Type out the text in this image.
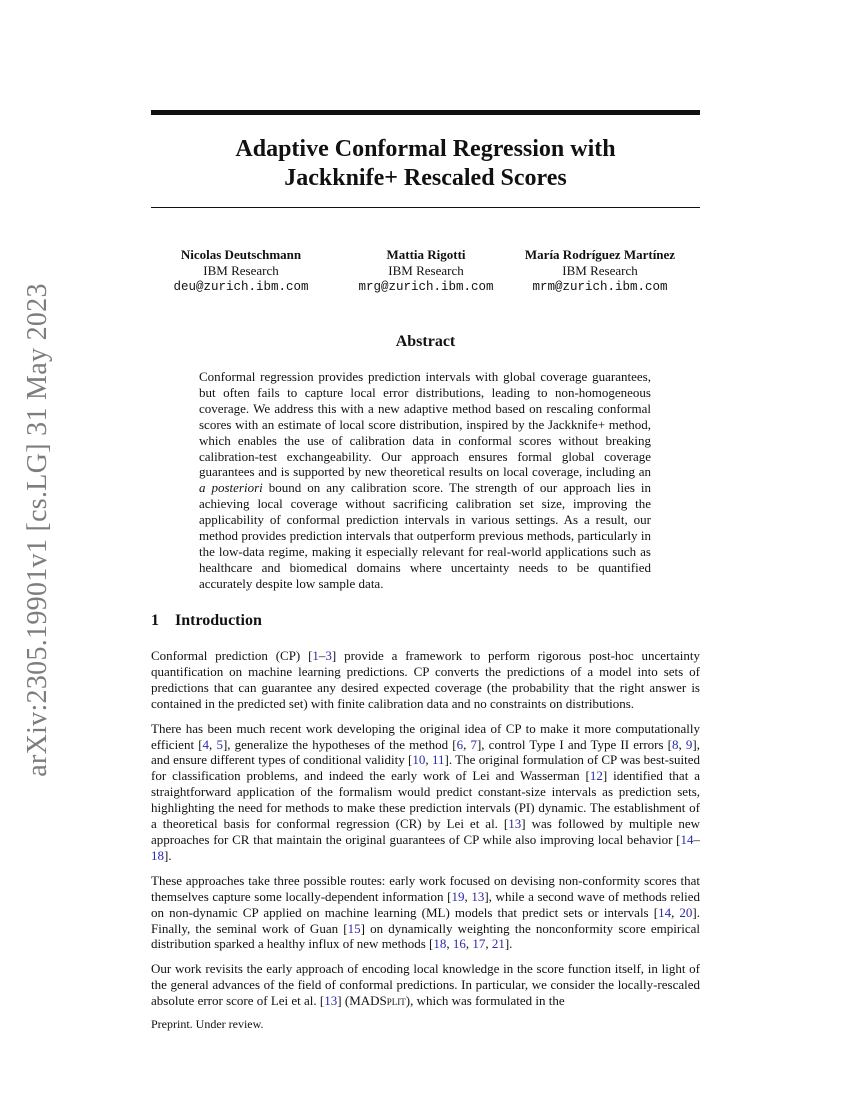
arXiv:2305.19901v1 [cs.LG] 31 May 2023
Adaptive Conformal Regression with
Jackknife+ Rescaled Scores
Nicolas Deutschmann
IBM Research
deu@zurich.ibm.com
Mattia Rigotti
IBM Research
mrg@zurich.ibm.com
María Rodríguez Martínez
IBM Research
mrm@zurich.ibm.com
Abstract

Conformal regression provides prediction intervals with global coverage guarantees, but often fails to capture local error distributions, leading to non-homogeneous coverage. We address this with a new adaptive method based on rescaling conformal scores with an estimate of local score distribution, inspired by the Jackknife+ method, which enables the use of calibration data in conformal scores without breaking calibration-test exchangeability. Our approach ensures formal global coverage guarantees and is supported by new theoretical results on local coverage, including an a posteriori bound on any calibration score. The strength of our approach lies in achieving local coverage without sacrificing calibration set size, improving the applicability of conformal prediction intervals in various settings. As a result, our method provides prediction intervals that outperform previous methods, particularly in the low-data regime, making it especially relevant for real-world applications such as healthcare and biomedical domains where uncertainty needs to be quantified accurately despite low sample data.

1 Introduction

Conformal prediction (CP) [1–3] provide a framework to perform rigorous post-hoc uncertainty quantification on machine learning predictions. CP converts the predictions of a model into sets of predictions that can guarantee any desired expected coverage (the probability that the right answer is contained in the predicted set) with finite calibration data and no constraints on distributions.

There has been much recent work developing the original idea of CP to make it more computationally efficient [4, 5], generalize the hypotheses of the method [6, 7], control Type I and Type II errors [8, 9], and ensure different types of conditional validity [10, 11]. The original formulation of CP was best-suited for classification problems, and indeed the early work of Lei and Wasserman [12] identified that a straightforward application of the formalism would predict constant-size intervals as prediction sets, highlighting the need for methods to make these prediction intervals (PI) dynamic. The establishment of a theoretical basis for conformal regression (CR) by Lei et al. [13] was followed by multiple new approaches for CR that maintain the original guarantees of CP while also improving local behavior [14–18].

These approaches take three possible routes: early work focused on devising non-conformity scores that themselves capture some locally-dependent information [19, 13], while a second wave of methods relied on non-dynamic CP applied on machine learning (ML) models that predict sets or intervals [14, 20]. Finally, the seminal work of Guan [15] on dynamically weighting the nonconformity score empirical distribution sparked a healthy influx of new methods [18, 16, 17, 21].

Our work revisits the early approach of encoding local knowledge in the score function itself, in light of the general advances of the field of conformal predictions. In particular, we consider the locally-rescaled absolute error score of Lei et al. [13] (MADSplit), which was formulated in the

Preprint. Under review.
